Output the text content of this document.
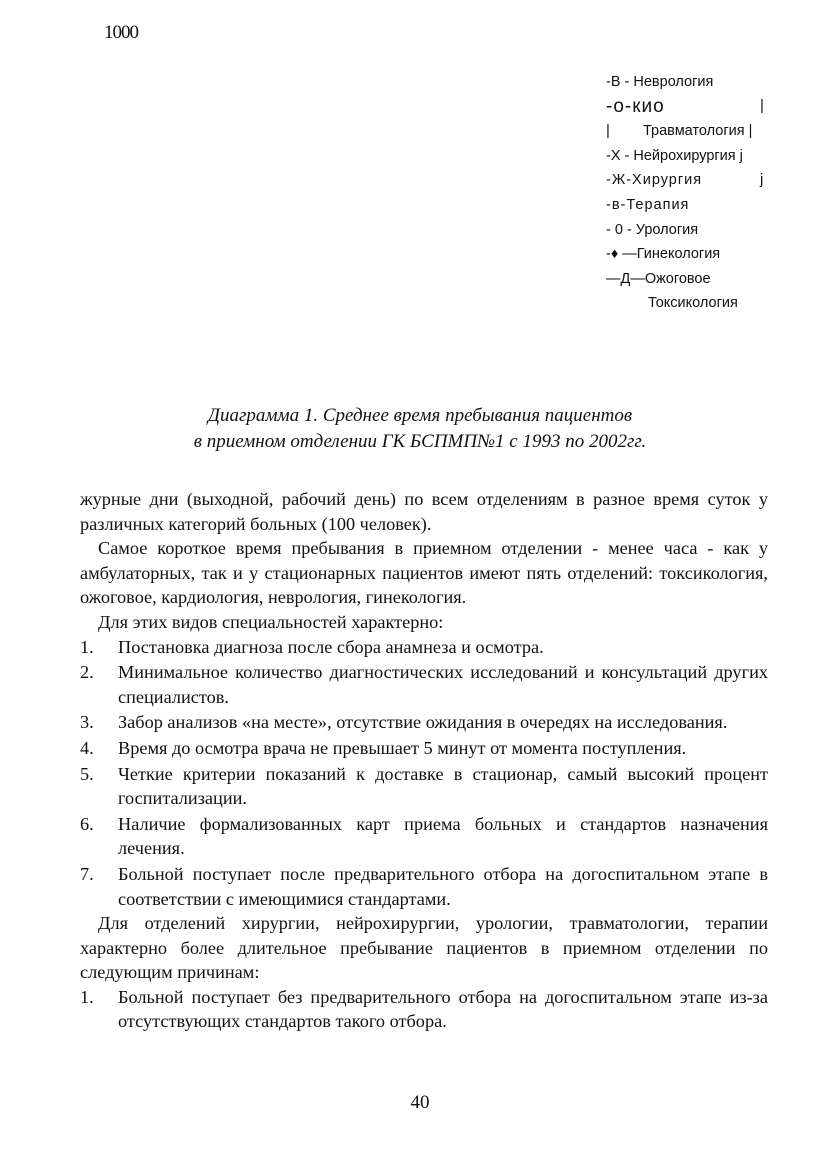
1000
-В - Неврология
-о-кио	|
| Травматология |
-Х - Нейрохирургия j
-Ж-Хирургия	j
-в-Терапия
- 0 - Урология
-♦ —Гинекология
—Д—Ожоговое
Токсикология
Диаграмма 1. Среднее время пребывания пациентов
в приемном отделении ГК БСПМП№1 с 1993 по 2002гг.

журные дни (выходной, рабочий день) по всем отделениям в разное время суток у различных категорий больных (100 человек).

Самое короткое время пребывания в приемном отделении - менее часа - как у амбулаторных, так и у стационарных пациентов имеют пять отделений: токсикология, ожоговое, кардиология, неврология, гинекология.

Для этих видов специальностей характерно:

1. Постановка диагноза после сбора анамнеза и осмотра.
2. Минимальное количество диагностических исследований и консультаций других специалистов.
3. Забор анализов «на месте», отсутствие ожидания в очередях на исследования.
4. Время до осмотра врача не превышает 5 минут от момента поступления.
5. Четкие критерии показаний к доставке в стационар, самый высокий процент госпитализации.
6. Наличие формализованных карт приема больных и стандартов назначения лечения.
7. Больной поступает после предварительного отбора на догоспитальном этапе в соответствии с имеющимися стандартами.

Для отделений хирургии, нейрохирургии, урологии, травматологии, терапии характерно более длительное пребывание пациентов в приемном отделении по следующим причинам:

1. Больной поступает без предварительного отбора на догоспитальном этапе из-за отсутствующих стандартов такого отбора.
40
